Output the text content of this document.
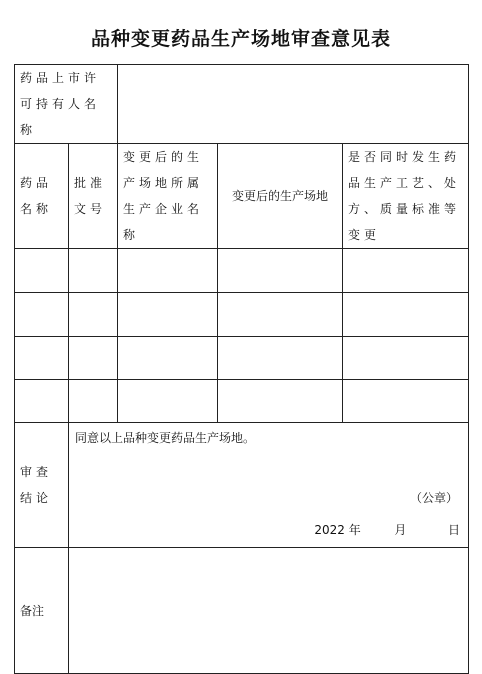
品种变更药品生产场地审查意见表
药品上市许可持有人名称				
药品名称	批准文号	变更后的生产场地所属生产企业名称	变更后的生产场地	是否同时发生药品生产工艺、处方、质量标准等变更

审查结论	同意以上品种变更药品生产场地。
（公章）
2022 年 月 日			

备注				
